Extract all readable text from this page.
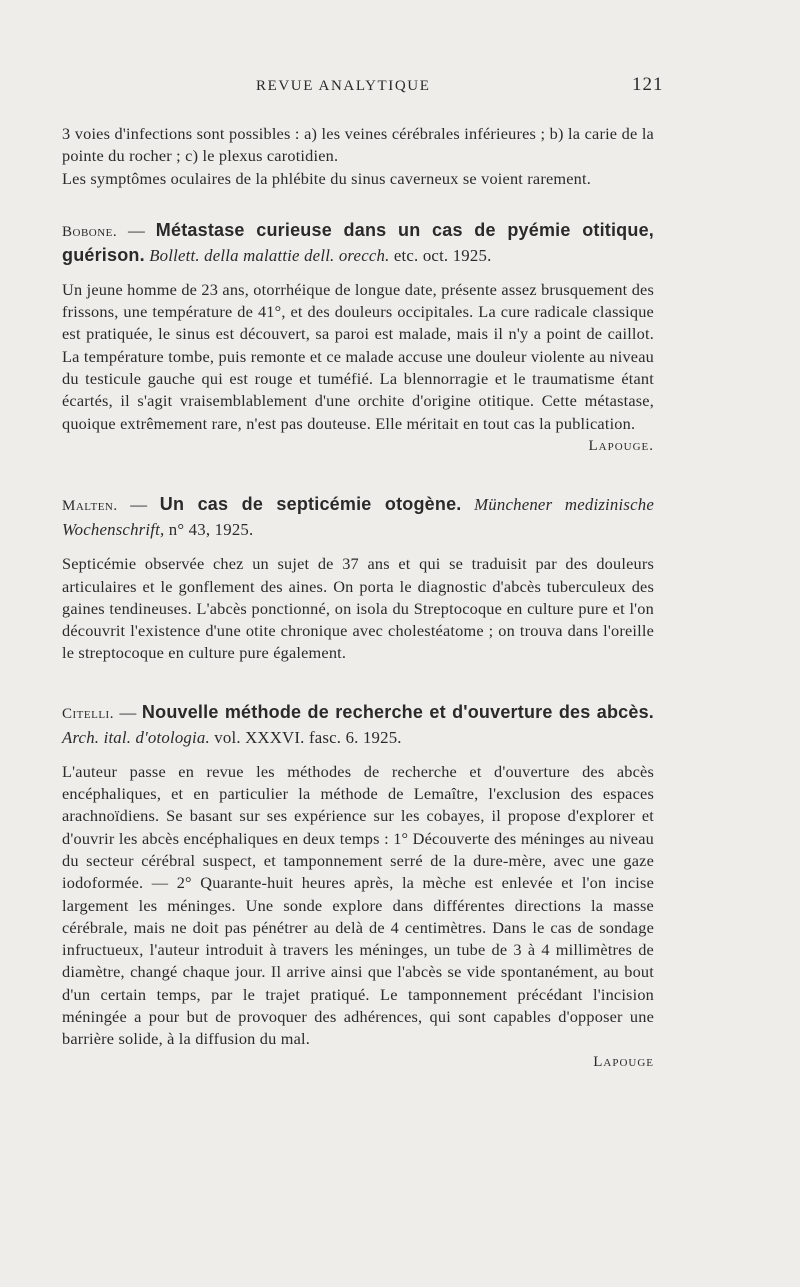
REVUE ANALYTIQUE	121

3 voies d'infections sont possibles : a) les veines cérébrales inférieures ; b) la carie de la pointe du rocher ; c) le plexus carotidien.

Les symptômes oculaires de la phlébite du sinus caverneux se voient rarement.

Bobone. — Métastase curieuse dans un cas de pyémie otitique, guérison. Bollett. della malattie dell. orecch. etc. oct. 1925.

Un jeune homme de 23 ans, otorrhéique de longue date, présente assez brusquement des frissons, une température de 41°, et des douleurs occipitales. La cure radicale classique est pratiquée, le sinus est découvert, sa paroi est malade, mais il n'y a point de caillot. La température tombe, puis remonte et ce malade accuse une douleur violente au niveau du testicule gauche qui est rouge et tuméfié. La blennorragie et le traumatisme étant écartés, il s'agit vraisemblablement d'une orchite d'origine otitique. Cette métastase, quoique extrêmement rare, n'est pas douteuse. Elle méritait en tout cas la publication.

Lapouge.

Malten. — Un cas de septicémie otogène. Münchener medizinische Wochenschrift, n° 43, 1925.

Septicémie observée chez un sujet de 37 ans et qui se traduisit par des douleurs articulaires et le gonflement des aines. On porta le diagnostic d'abcès tuberculeux des gaines tendineuses. L'abcès ponctionné, on isola du Streptocoque en culture pure et l'on découvrit l'existence d'une otite chronique avec cholestéatome ; on trouva dans l'oreille le streptocoque en culture pure également.

Citelli. — Nouvelle méthode de recherche et d'ouverture des abcès. Arch. ital. d'otologia. vol. XXXVI. fasc. 6. 1925.

L'auteur passe en revue les méthodes de recherche et d'ouverture des abcès encéphaliques, et en particulier la méthode de Lemaître, l'exclusion des espaces arachnoïdiens. Se basant sur ses expérience sur les cobayes, il propose d'explorer et d'ouvrir les abcès encéphaliques en deux temps : 1° Découverte des méninges au niveau du secteur cérébral suspect, et tamponnement serré de la dure-mère, avec une gaze iodoformée. — 2° Quarante-huit heures après, la mèche est enlevée et l'on incise largement les méninges. Une sonde explore dans différentes directions la masse cérébrale, mais ne doit pas pénétrer au delà de 4 centimètres. Dans le cas de sondage infructueux, l'auteur introduit à travers les méninges, un tube de 3 à 4 millimètres de diamètre, changé chaque jour. Il arrive ainsi que l'abcès se vide spontanément, au bout d'un certain temps, par le trajet pratiqué. Le tamponnement précédant l'incision méningée a pour but de provoquer des adhérences, qui sont capables d'opposer une barrière solide, à la diffusion du mal.

Lapouge
